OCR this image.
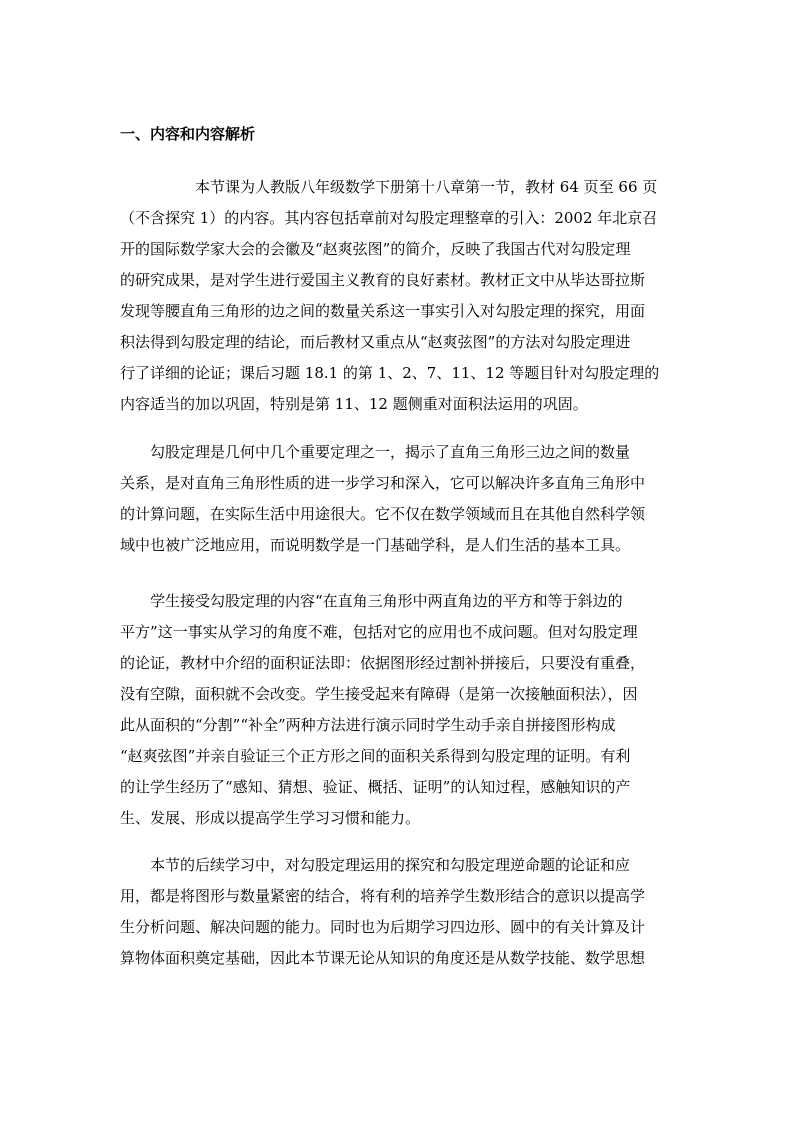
一、内容和内容解析
　　　　　本节课为人教版八年级数学下册第十八章第一节，教材 64 页至 66 页
（不含探究 1）的内容。其内容包括章前对勾股定理整章的引入：2002 年北京召
开的国际数学家大会的会徽及“赵爽弦图”的简介，反映了我国古代对勾股定理
的研究成果，是对学生进行爱国主义教育的良好素材。教材正文中从毕达哥拉斯
发现等腰直角三角形的边之间的数量关系这一事实引入对勾股定理的探究，用面
积法得到勾股定理的结论，而后教材又重点从“赵爽弦图”的方法对勾股定理进
行了详细的论证；课后习题 18.1 的第 1、2、7、11、12 等题目针对勾股定理的
内容适当的加以巩固，特别是第 11、12 题侧重对面积法运用的巩固。
　　勾股定理是几何中几个重要定理之一，揭示了直角三角形三边之间的数量
关系，是对直角三角形性质的进一步学习和深入，它可以解决许多直角三角形中
的计算问题，在实际生活中用途很大。它不仅在数学领域而且在其他自然科学领
域中也被广泛地应用，而说明数学是一门基础学科，是人们生活的基本工具。
　　学生接受勾股定理的内容“在直角三角形中两直角边的平方和等于斜边的
平方”这一事实从学习的角度不难，包括对它的应用也不成问题。但对勾股定理
的论证，教材中介绍的面积证法即：依据图形经过割补拼接后，只要没有重叠，
没有空隙，面积就不会改变。学生接受起来有障碍（是第一次接触面积法），因
此从面积的“分割”“补全”两种方法进行演示同时学生动手亲自拼接图形构成
“赵爽弦图”并亲自验证三个正方形之间的面积关系得到勾股定理的证明。有利
的让学生经历了“感知、猜想、验证、概括、证明”的认知过程，感触知识的产
生、发展、形成以提高学生学习习惯和能力。
　　本节的后续学习中，对勾股定理运用的探究和勾股定理逆命题的论证和应
用，都是将图形与数量紧密的结合，将有利的培养学生数形结合的意识以提高学
生分析问题、解决问题的能力。同时也为后期学习四边形、圆中的有关计算及计
算物体面积奠定基础，因此本节课无论从知识的角度还是从数学技能、数学思想
